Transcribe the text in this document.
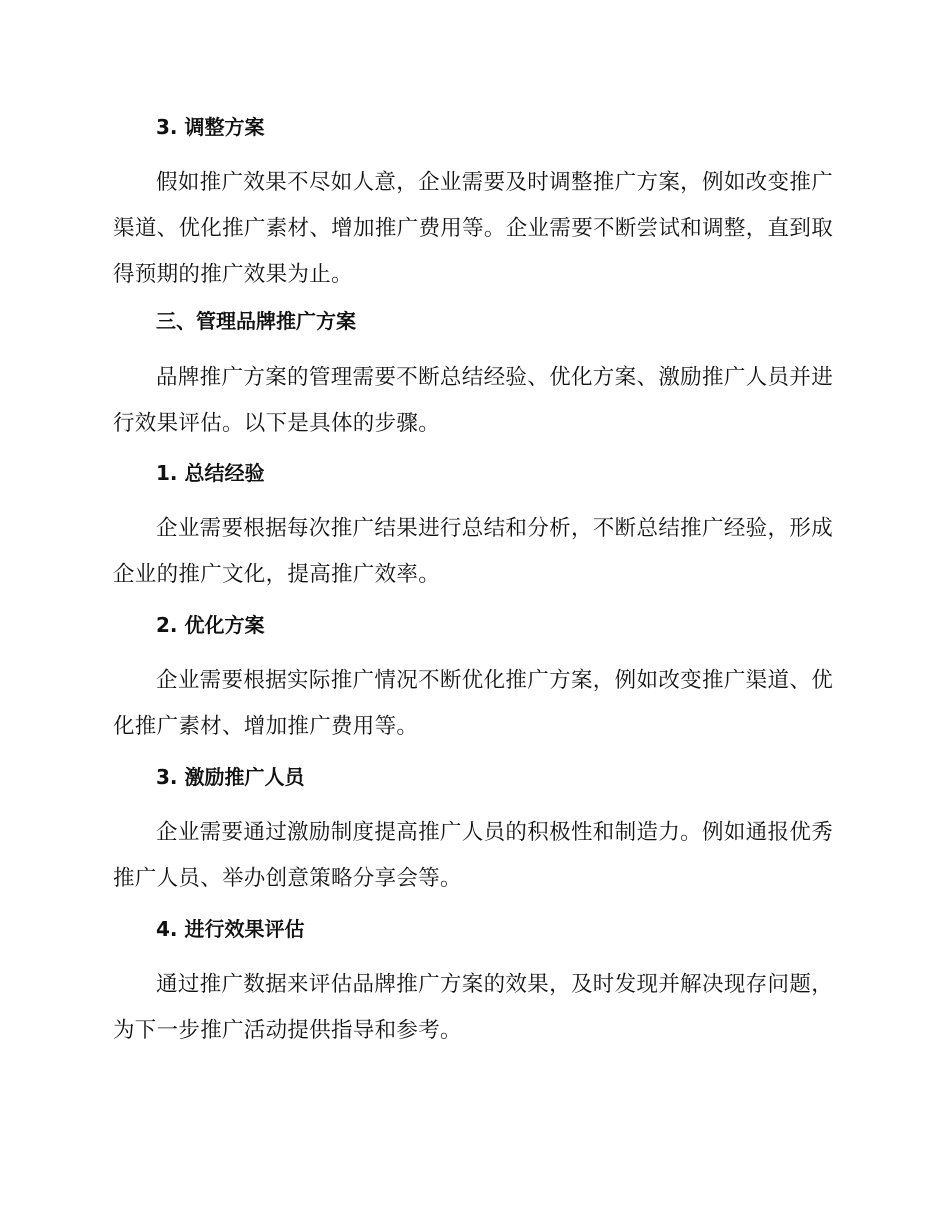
3. 调整方案

假如推广效果不尽如人意，企业需要及时调整推广方案，例如改变推广渠道、优化推广素材、增加推广费用等。企业需要不断尝试和调整，直到取得预期的推广效果为止。

三、管理品牌推广方案

品牌推广方案的管理需要不断总结经验、优化方案、激励推广人员并进行效果评估。以下是具体的步骤。

1. 总结经验

企业需要根据每次推广结果进行总结和分析，不断总结推广经验，形成企业的推广文化，提高推广效率。

2. 优化方案

企业需要根据实际推广情况不断优化推广方案，例如改变推广渠道、优化推广素材、增加推广费用等。

3. 激励推广人员

企业需要通过激励制度提高推广人员的积极性和制造力。例如通报优秀推广人员、举办创意策略分享会等。

4. 进行效果评估

通过推广数据来评估品牌推广方案的效果，及时发现并解决现存问题，为下一步推广活动提供指导和参考。
